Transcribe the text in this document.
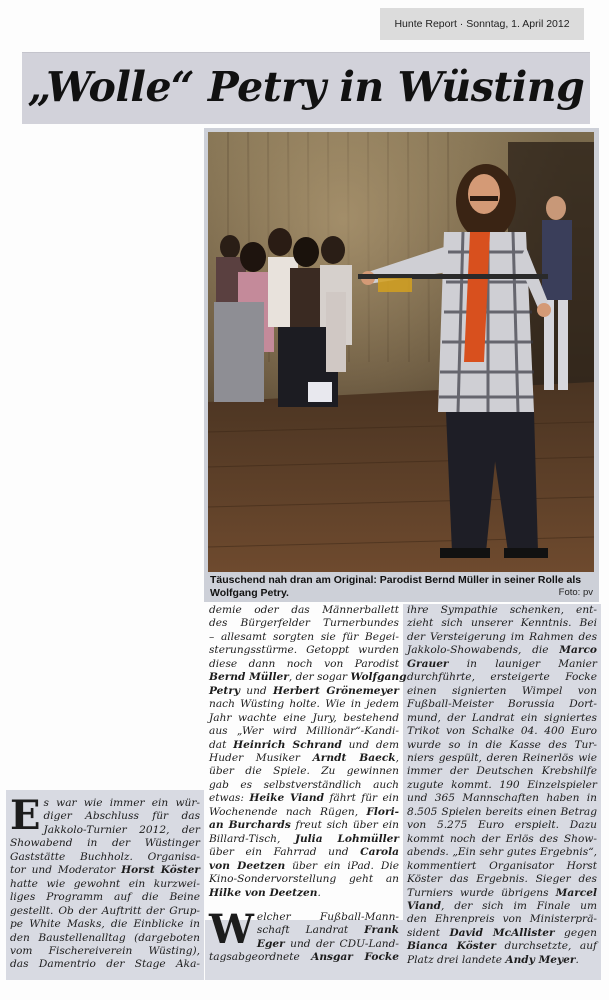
Hunte Report · Sonntag, 1. April 2012
„Wolle“ Petry in Wüsting
Täuschend nah dran am Original: Parodist Bernd Müller in seiner Rolle als Wolfgang Petry.	Foto: pv
E s war wie immer ein wür-
diger Abschluss für das
Jakkolo-Turnier 2012, der
Showabend in der Wüstinger
Gaststätte Buchholz. Organisa-
tor und Moderator Horst Köster
hatte wie gewohnt ein kurzwei-
liges Programm auf die Beine
gestellt. Ob der Auftritt der Grup-
pe White Masks, die Einblicke in
den Baustellenalltag (dargeboten
vom Fischereiverein Wüsting),
das Damentrio der Stage Aka-
demie oder das Männerballett
des Bürgerfelder Turnerbundes
– allesamt sorgten sie für Begei-
sterungsstürme. Getoppt wurden
diese dann noch von Parodist
Bernd Müller, der sogar Wolfgang
Petry und Herbert Grönemeyer
nach Wüsting holte. Wie in jedem
Jahr wachte eine Jury, bestehend
aus „Wer wird Millionär“-Kandi-
dat Heinrich Schrand und dem
Huder Musiker Arndt Baeck,
über die Spiele. Zu gewinnen
gab es selbstverständlich auch
etwas: Heike Viand fährt für ein
Wochenende nach Rügen, Flori-
an Burchards freut sich über ein
Billard-Tisch, Julia Lohmüller
über ein Fahrrad und Carola
von Deetzen über ein iPad. Die
Kino-Sondervorstellung geht an
Hilke von Deetzen.
W elcher Fußball-Mann-
schaft Landrat Frank
Eger und der CDU-Land-
tagsabgeordnete Ansgar Focke
ihre Sympathie schenken, ent-
zieht sich unserer Kenntnis. Bei
der Versteigerung im Rahmen des
Jakkolo-Showabends, die Marco
Grauer in launiger Manier
durchführte, ersteigerte Focke
einen signierten Wimpel von
Fußball-Meister Borussia Dort-
mund, der Landrat ein signiertes
Trikot von Schalke 04. 400 Euro
wurde so in die Kasse des Tur-
niers gespült, deren Reinerlös wie
immer der Deutschen Krebshilfe
zugute kommt. 190 Einzelspieler
und 365 Mannschaften haben in
8.505 Spielen bereits einen Betrag
von 5.275 Euro erspielt. Dazu
kommt noch der Erlös des Show-
abends. „Ein sehr gutes Ergebnis“,
kommentiert Organisator Horst
Köster das Ergebnis. Sieger des
Turniers wurde übrigens Marcel
Viand, der sich im Finale um
den Ehrenpreis von Ministerprä-
sident David McAllister gegen
Bianca Köster durchsetzte, auf
Platz drei landete Andy Meyer.
